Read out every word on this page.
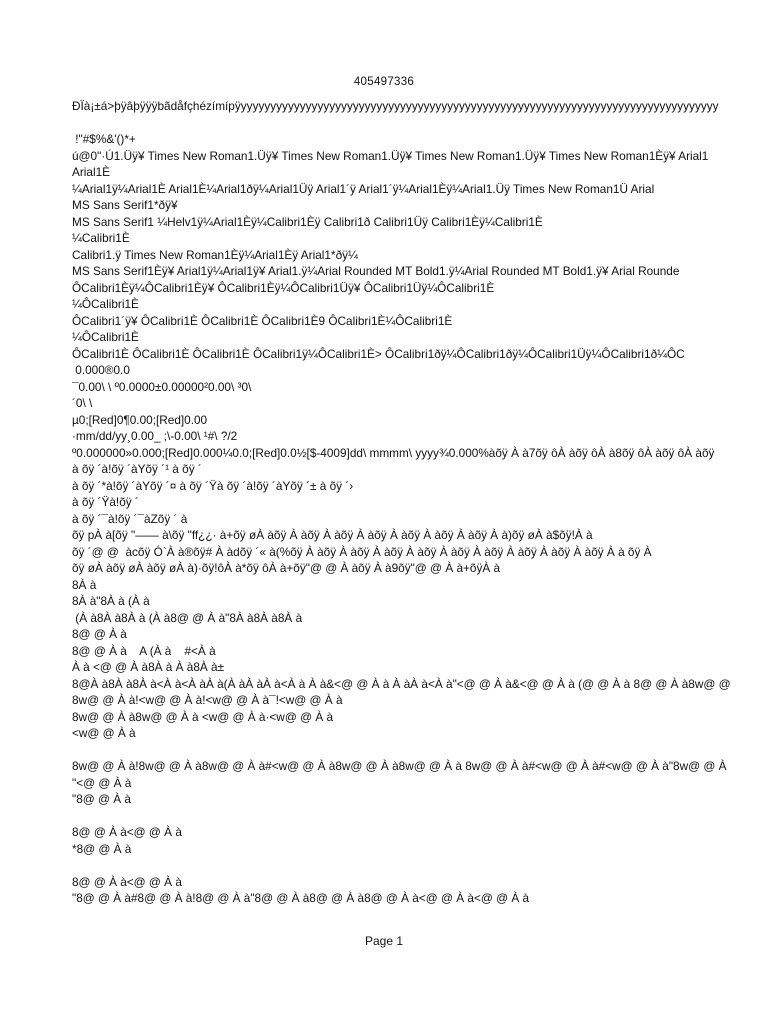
405497336
ÐÏà¡±á>þÿâþÿÿÿbãdåfçhézímípÿyyyyyyyyyyyyyyyyyyyyyyyyyyyyyyyyyyyyyyyyyyyyyyyyyyyyyyyyyyyyyyyyyyyyyyyyyyyyyyyyy
!"#$%&'()*+
ú@0"·Ú1.Üÿ¥ Times New Roman1.Üÿ¥ Times New Roman1.Üÿ¥ Times New Roman1.Üÿ¥ Times New Roman1Èÿ¥ Arial1
Arial1È
¼Arial1ÿ¼Arial1È Arial1È¼Arial1ðÿ¼Arial1Üÿ Arial1´ÿ Arial1´ÿ¼Arial1Èÿ¼Arial1.Üÿ Times New Roman1Ü Arial
MS Sans Serif1*ðÿ¥
MS Sans Serif1 ¼Helv1ÿ¼Arial1Èÿ¼Calibri1Èÿ Calibri1ð Calibri1Üÿ Calibri1Èÿ¼Calibri1È
¼Calibri1È
Calibri1.ÿ Times New Roman1Èÿ¼Arial1Èÿ Arial1*ðÿ¼
MS Sans Serif1Èÿ¥ Arial1ÿ¼Arial1ÿ¥ Arial1.ÿ¼Arial Rounded MT Bold1.ÿ¼Arial Rounded MT Bold1.ÿ¥ Arial Rounde
ÔCalibri1Èÿ¼ÔCalibri1Èÿ¥ ÔCalibri1Èÿ¼ÔCalibri1Üÿ¥ ÔCalibri1Üÿ¼ÔCalibri1È
¼ÔCalibri1È
ÔCalibri1´ÿ¥ ÔCalibri1È ÔCalibri1È ÔCalibri1È9 ÔCalibri1È¼ÔCalibri1È
¼ÔCalibri1È
ÔCalibri1È ÔCalibri1È ÔCalibri1È ÔCalibri1ÿ¼ÔCalibri1È> ÔCalibri1ðÿ¼ÔCalibri1ðÿ¼ÔCalibri1Üÿ¼ÔCalibri1ð¼ÔC
0.000®0.0
¯0.00\ \ º0.0000±0.00000²0.00\ ³0\
´0\ \
µ0;[Red]0¶0.00;[Red]0.00
·mm/dd/yy¸0.00_ ;\-0.00\ ¹#\ ?/2
º0.000000»0.000;[Red]0.000¼0.0;[Red]0.0½[$-4009]dd\ mmmm\ yyyy¾0.000%àõÿ À à7õÿ ôÀ àõÿ ôÀ à8õÿ ôÀ àõÿ ôÀ àõÿ
à õÿ ´à!õÿ ´àYõÿ ´¹ à õÿ ´
à õÿ ´*à!õÿ ´àYõÿ ´¤ à õÿ ´Ÿà õÿ ´à!õÿ ´àYõÿ ´± à õÿ ´›
à õÿ ´Ÿà!õÿ ´
à õÿ ´¯à!õÿ ´¯àZõÿ ´ à
õÿ pÀ à[õÿ "—— à\õÿ "ff¿¿· à+õÿ øÀ àõÿ À àõÿ À àõÿ À àõÿ À àõÿ À àõÿ À àõÿ À à)õÿ øÀ à$õÿ!À à
õÿ ´@ @  àcõÿ Ó`À à®õÿ# À àdõÿ ´« à(%õÿ À àõÿ À àõÿ À àõÿ À àõÿ À àõÿ À àõÿ À àõÿ À àõÿ À àõÿ À à õÿ À
õÿ øÀ àõÿ øÀ àõÿ øÀ à)·õÿ!ôÀ à*õÿ ôÀ à+õÿ"@ @ À àõÿ À à9õÿ"@ @ À à+õÿÀ à
8À à
8À à"8À à (À à
(À à8À à8À à (À à8@ @ À à"8À à8À à8À à
8@ @ À à
8@ @ À à    A (À à    #<À à
À à <@ @ À à8À à À à8À à±
8@À à8À à8À à<À à<À àÀ à(À àÀ àÀ à<À à À à&<@ @ À à À àÀ à<À à"<@ @ À à&<@ @ À à (@ @ À à 8@ @ À à8w@ @
8w@ @ À à!<w@ @ À à!<w@ @ À à¯!<w@ @ À à
8w@ @ À à8w@ @ À à <w@ @ À à·<w@ @ À à
<w@ @ À à
8w@ @ À à!8w@ @ À à8w@ @ À à#<w@ @ À à8w@ @ À à8w@ @ À à 8w@ @ À à#<w@ @ À à#<w@ @ À à"8w@ @ À
"<@ @ À à
"8@ @ À à
8@ @ À à<@ @ À à
*8@ @ À à
8@ @ À à<@ @ À à
"8@ @ À à#8@ @ À à!8@ @ À à"8@ @ À à8@ @ À à8@ @ À à<@ @ À à<@ @ À à
Page 1
